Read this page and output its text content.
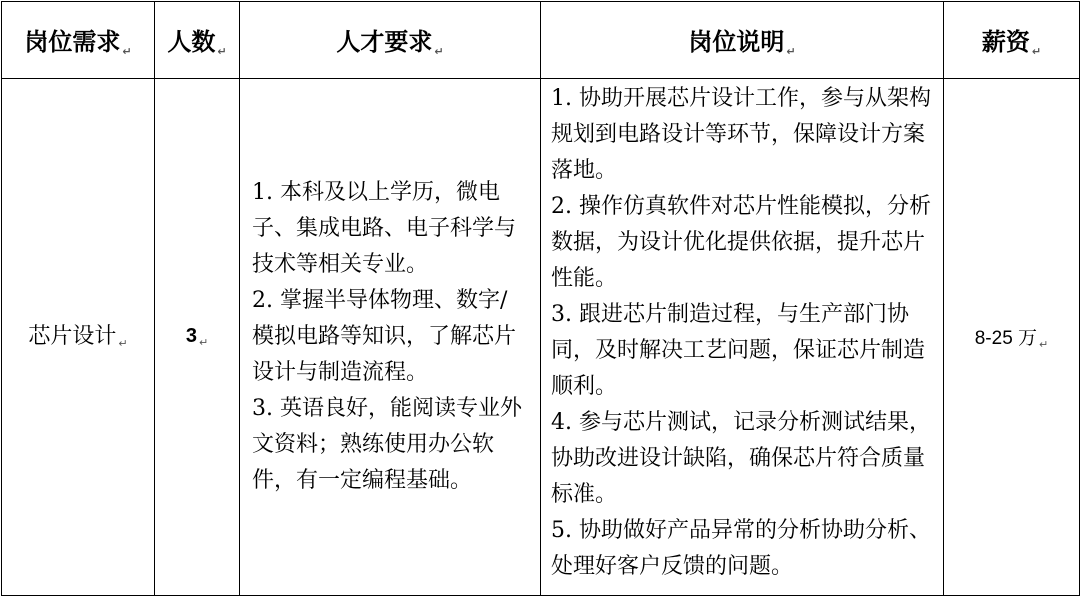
岗位需求 $_↵$	人数 $_↵$	人才要求 $_↵$	岗位说明 $_↵$	薪资 $_↵$
芯片设计 $_↵$	3 $_↵$	1. 本科及以上学历，微电子、集成电路、电子科学与技术等相关专业。
2. 掌握半导体物理、数字/模拟电路等知识，了解芯片设计与制造流程。
3. 英语良好，能阅读专业外文资料；熟练使用办公软件，有一定编程基础。	1. 协助开展芯片设计工作，参与从架构规划到电路设计等环节，保障设计方案落地。
2. 操作仿真软件对芯片性能模拟，分析数据，为设计优化提供依据，提升芯片性能。
3. 跟进芯片制造过程，与生产部门协同，及时解决工艺问题，保证芯片制造顺利。
4. 参与芯片测试，记录分析测试结果，协助改进设计缺陷，确保芯片符合质量标准。
5. 协助做好产品异常的分析协助分析、处理好客户反馈的问题。	8-25 万 $_↵$
